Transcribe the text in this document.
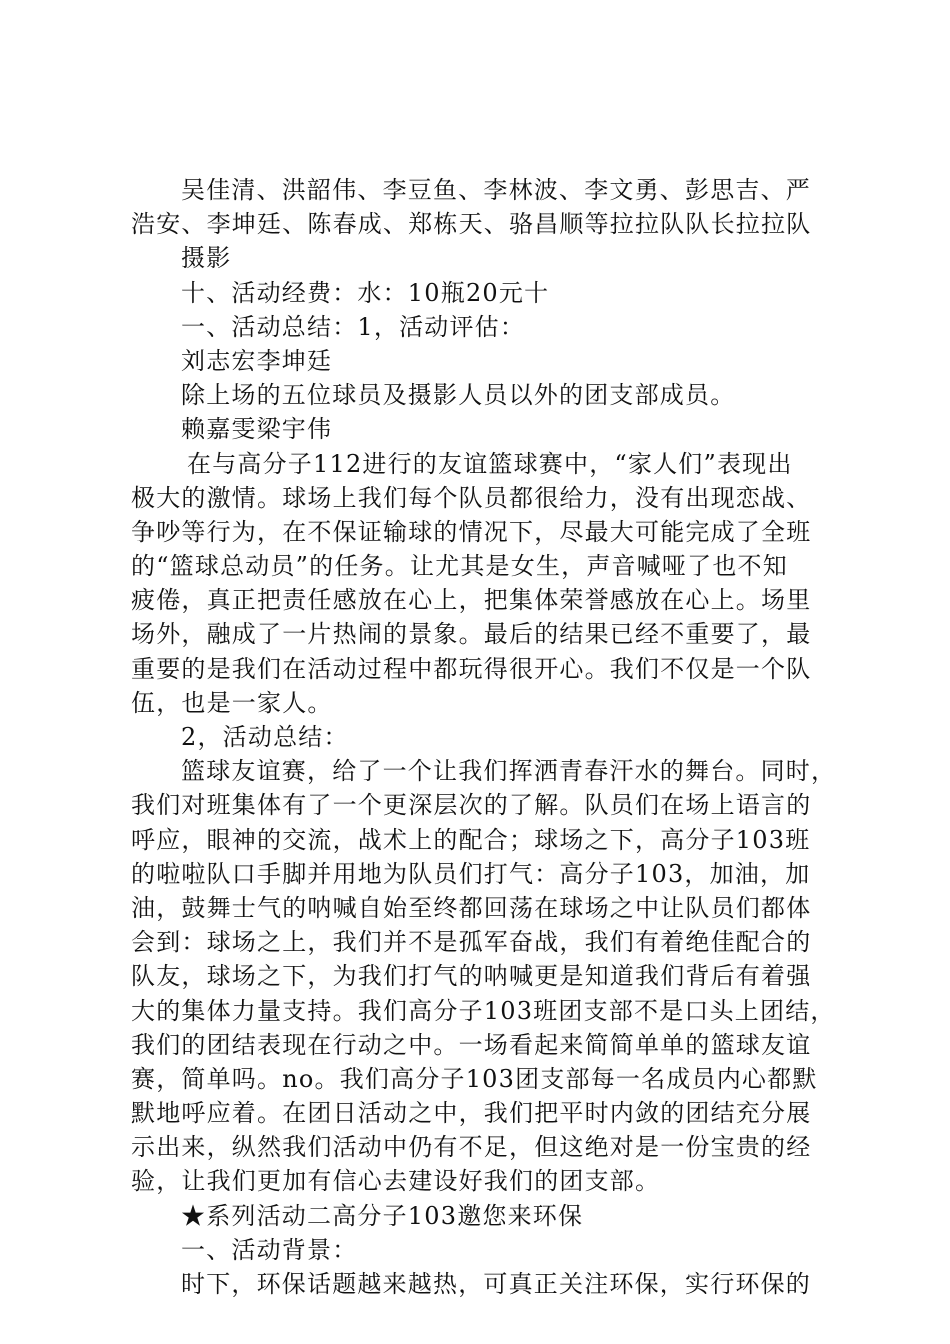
吴佳清、洪韶伟、李豆鱼、李林波、李文勇、彭思吉、严
浩安、李坤廷、陈春成、郑栋天、骆昌顺等拉拉队队长拉拉队
摄影
十、活动经费：水：10瓶20元十
一、活动总结：1，活动评估：
刘志宏李坤廷
除上场的五位球员及摄影人员以外的团支部成员。
赖嘉雯梁宇伟
在与高分子112进行的友谊篮球赛中，“家人们”表现出
极大的激情。球场上我们每个队员都很给力，没有出现恋战、
争吵等行为，在不保证输球的情况下，尽最大可能完成了全班
的“篮球总动员”的任务。让尤其是女生，声音喊哑了也不知
疲倦，真正把责任感放在心上，把集体荣誉感放在心上。场里
场外，融成了一片热闹的景象。最后的结果已经不重要了，最
重要的是我们在活动过程中都玩得很开心。我们不仅是一个队
伍，也是一家人。
2，活动总结：
篮球友谊赛，给了一个让我们挥洒青春汗水的舞台。同时，
我们对班集体有了一个更深层次的了解。队员们在场上语言的
呼应，眼神的交流，战术上的配合；球场之下，高分子103班
的啦啦队口手脚并用地为队员们打气：高分子103，加油，加
油，鼓舞士气的呐喊自始至终都回荡在球场之中让队员们都体
会到：球场之上，我们并不是孤军奋战，我们有着绝佳配合的
队友，球场之下，为我们打气的呐喊更是知道我们背后有着强
大的集体力量支持。我们高分子103班团支部不是口头上团结，
我们的团结表现在行动之中。一场看起来简简单单的篮球友谊
赛，简单吗。no。我们高分子103团支部每一名成员内心都默
默地呼应着。在团日活动之中，我们把平时内敛的团结充分展
示出来，纵然我们活动中仍有不足，但这绝对是一份宝贵的经
验，让我们更加有信心去建设好我们的团支部。
★系列活动二高分子103邀您来环保
一、活动背景：
时下，环保话题越来越热，可真正关注环保，实行环保的
